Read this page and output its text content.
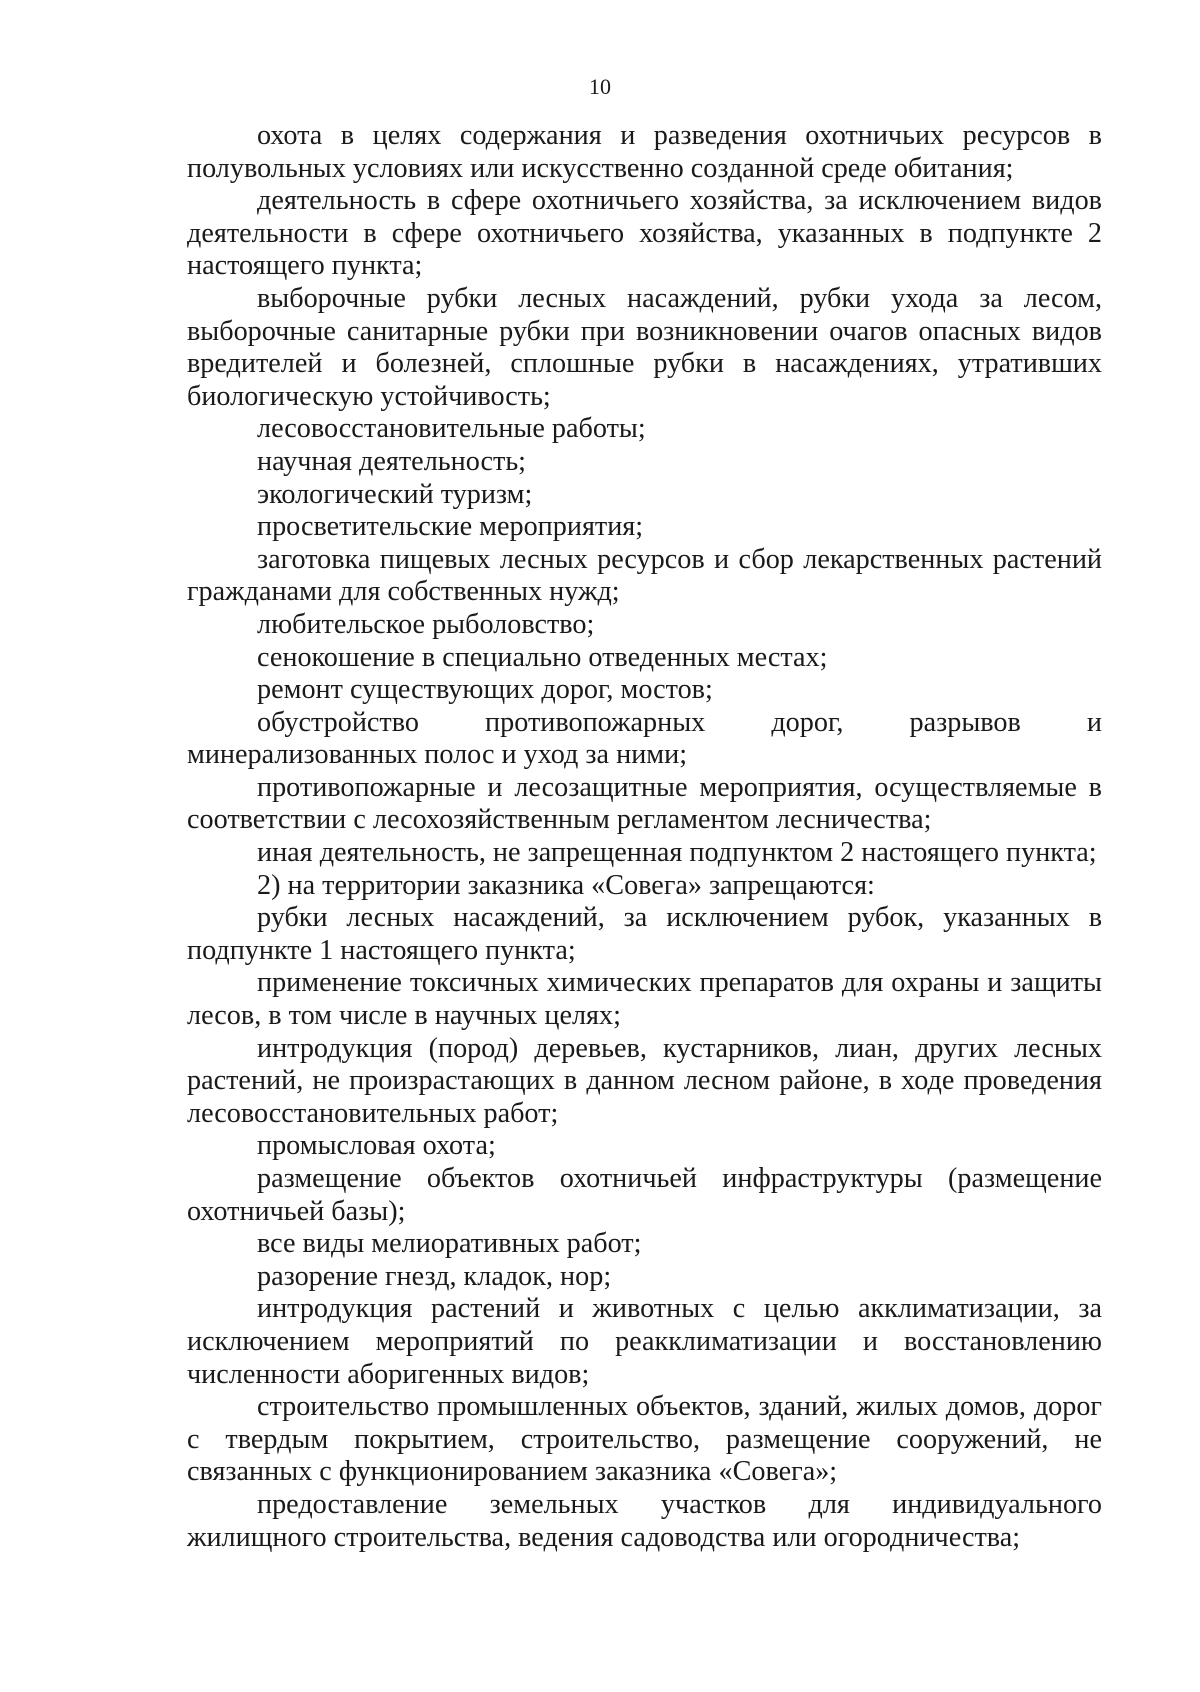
10

охота в целях содержания и разведения охотничьих ресурсов в полувольных условиях или искусственно созданной среде обитания;

деятельность в сфере охотничьего хозяйства, за исключением видов деятельности в сфере охотничьего хозяйства, указанных в подпункте 2 настоящего пункта;

выборочные рубки лесных насаждений, рубки ухода за лесом, выборочные санитарные рубки при возникновении очагов опасных видов вредителей и болезней, сплошные рубки в насаждениях, утративших биологическую устойчивость;

лесовосстановительные работы;

научная деятельность;

экологический туризм;

просветительские мероприятия;

заготовка пищевых лесных ресурсов и сбор лекарственных растений гражданами для собственных нужд;

любительское рыболовство;

сенокошение в специально отведенных местах;

ремонт существующих дорог, мостов;

обустройство противопожарных дорог, разрывов и минерализованных полос и уход за ними;

противопожарные и лесозащитные мероприятия, осуществляемые в соответствии с лесохозяйственным регламентом лесничества;

иная деятельность, не запрещенная подпунктом 2 настоящего пункта;

2) на территории заказника «Совега» запрещаются:

рубки лесных насаждений, за исключением рубок, указанных в подпункте 1 настоящего пункта;

применение токсичных химических препаратов для охраны и защиты лесов, в том числе в научных целях;

интродукция (пород) деревьев, кустарников, лиан, других лесных растений, не произрастающих в данном лесном районе, в ходе проведения лесовосстановительных работ;

промысловая охота;

размещение объектов охотничьей инфраструктуры (размещение охотничьей базы);

все виды мелиоративных работ;

разорение гнезд, кладок, нор;

интродукция растений и животных с целью акклиматизации, за исключением мероприятий по реакклиматизации и восстановлению численности аборигенных видов;

строительство промышленных объектов, зданий, жилых домов, дорог с твердым покрытием, строительство, размещение сооружений, не связанных с функционированием заказника «Совега»;

предоставление земельных участков для индивидуального жилищного строительства, ведения садоводства или огородничества;
